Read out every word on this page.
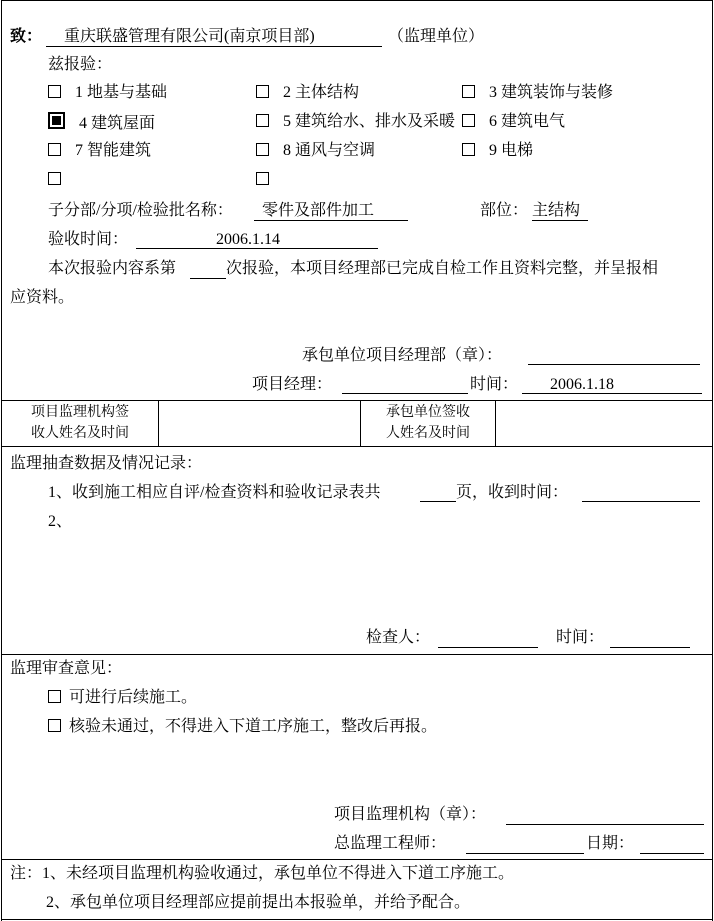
致： 重庆联盛管理有限公司(南京项目部)	（监理单位）
兹报验：
1 地基与基础	2 主体结构	3 建筑装饰与装修
4 建筑屋面	5 建筑给水、排水及采暖	6 建筑电气
7 智能建筑	8 通风与空调	9 电梯
子分部/分项/检验批名称： 零件及部件加工	部位： 主结构
验收时间：	2006.1.14
本次报验内容系第	次报验，本项目经理部已完成自检工作且资料完整，并呈报相
应资料。
承包单位项目经理部（章）：
项目经理：	时间： 2006.1.18
项目监理机构签
收人姓名及时间
承包单位签收
人姓名及时间
监理抽查数据及情况记录：
1、收到施工相应自评/检查资料和验收记录表共	页，收到时间：
2、
检查人：	时间：
监理审查意见：
可进行后续施工。
核验未通过，不得进入下道工序施工，整改后再报。
项目监理机构（章）：
总监理工程师：	日期：
注：1、未经项目监理机构验收通过，承包单位不得进入下道工序施工。
2、承包单位项目经理部应提前提出本报验单，并给予配合。
